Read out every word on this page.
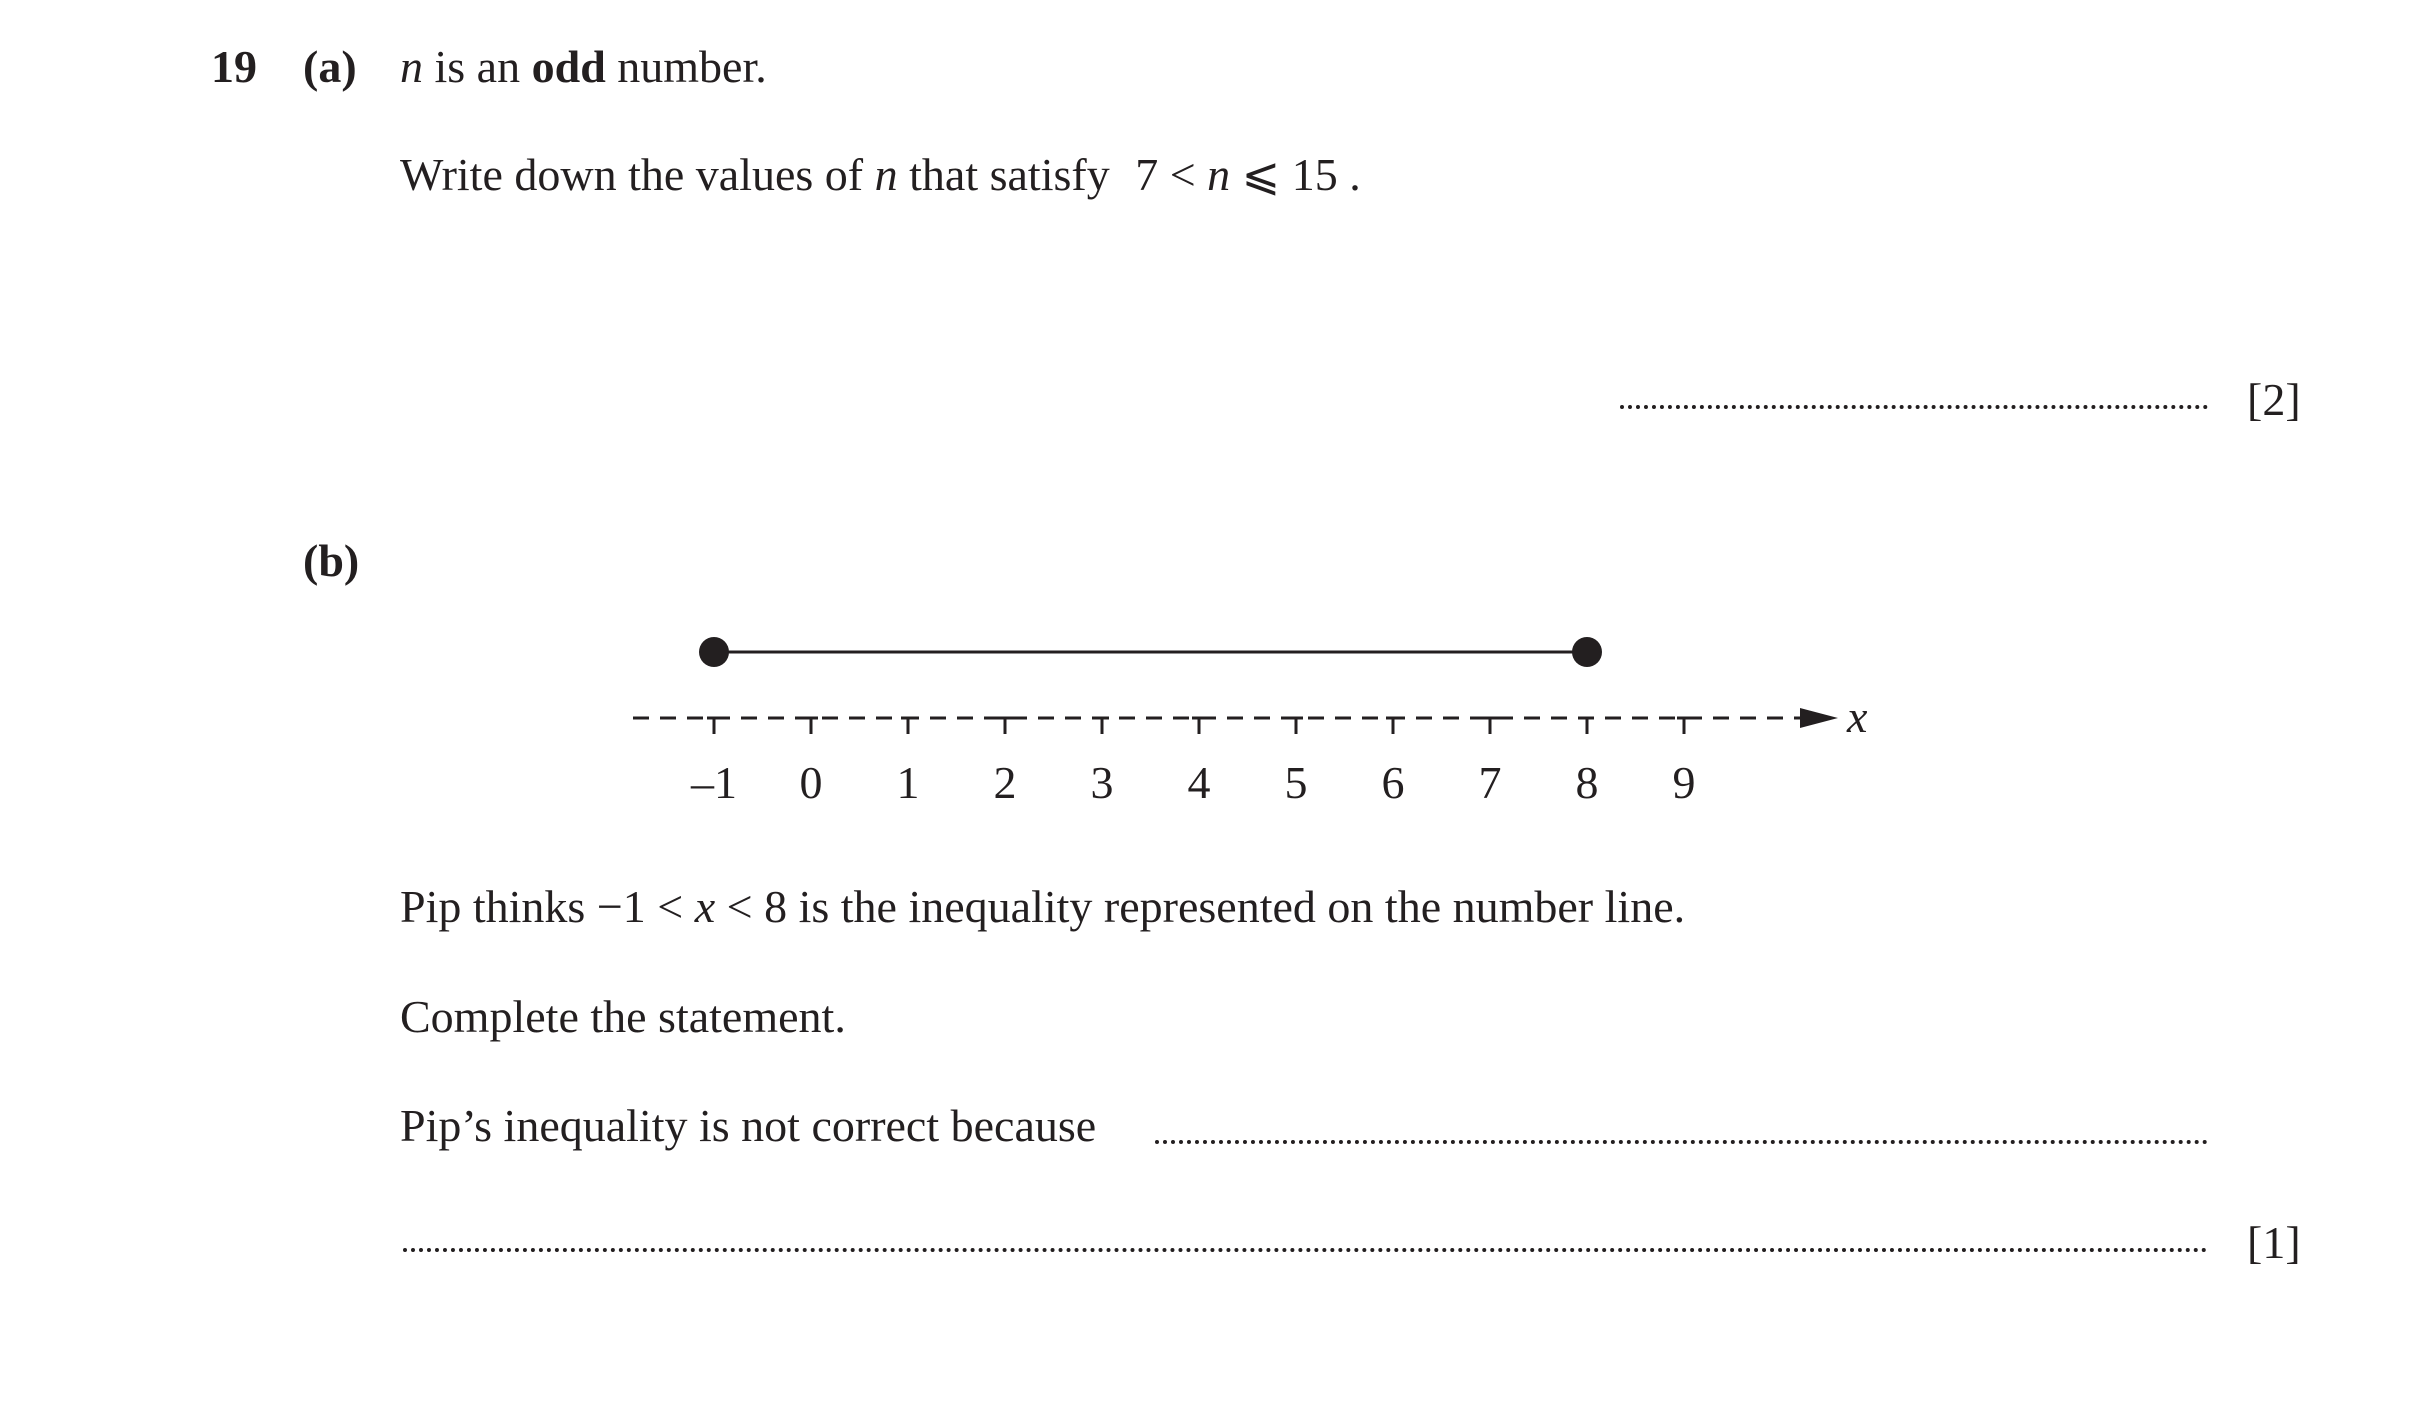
19 (a) n is an odd number.
Write down the values of n that satisfy 7 < n ⩽ 15 .
[2]
(b)
x
–1 0 1 2 3 4 5 6 7 8 9
Pip thinks −1 < x < 8 is the inequality represented on the number line.
Complete the statement.
Pip’s inequality is not correct because
[1]
